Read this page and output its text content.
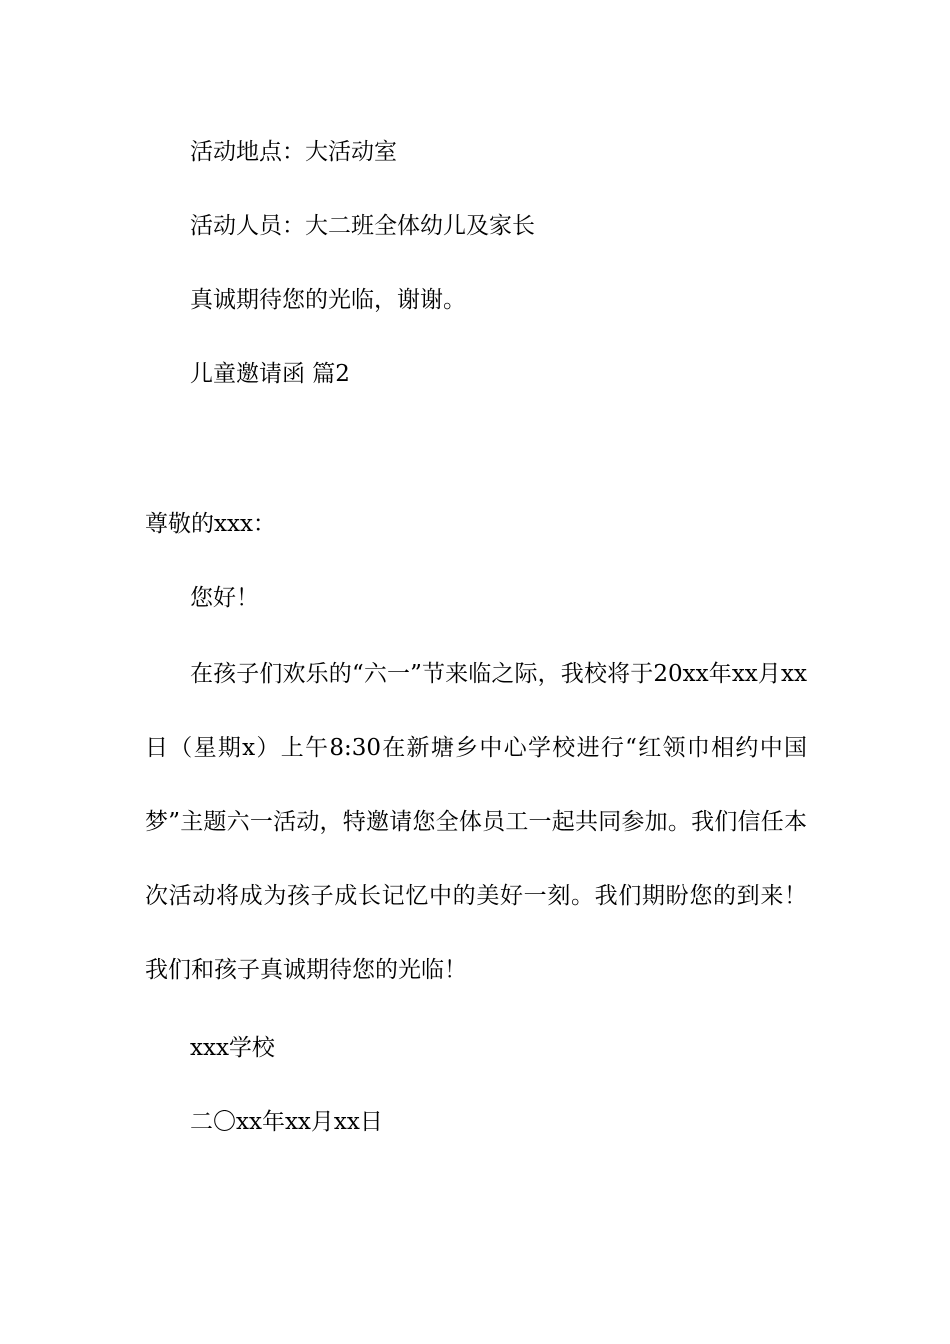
活动地点：大活动室

活动人员：大二班全体幼儿及家长

真诚期待您的光临，谢谢。

儿童邀请函 篇2

尊敬的xxx：

您好！

在孩子们欢乐的“六一”节来临之际，我校将于20xx年xx月xx日（星期x）上午8:30在新塘乡中心学校进行“红领巾相约中国梦”主题六一活动，特邀请您全体员工一起共同参加。我们信任本次活动将成为孩子成长记忆中的美好一刻。我们期盼您的到来！我们和孩子真诚期待您的光临！

xxx学校

二〇xx年xx月xx日
